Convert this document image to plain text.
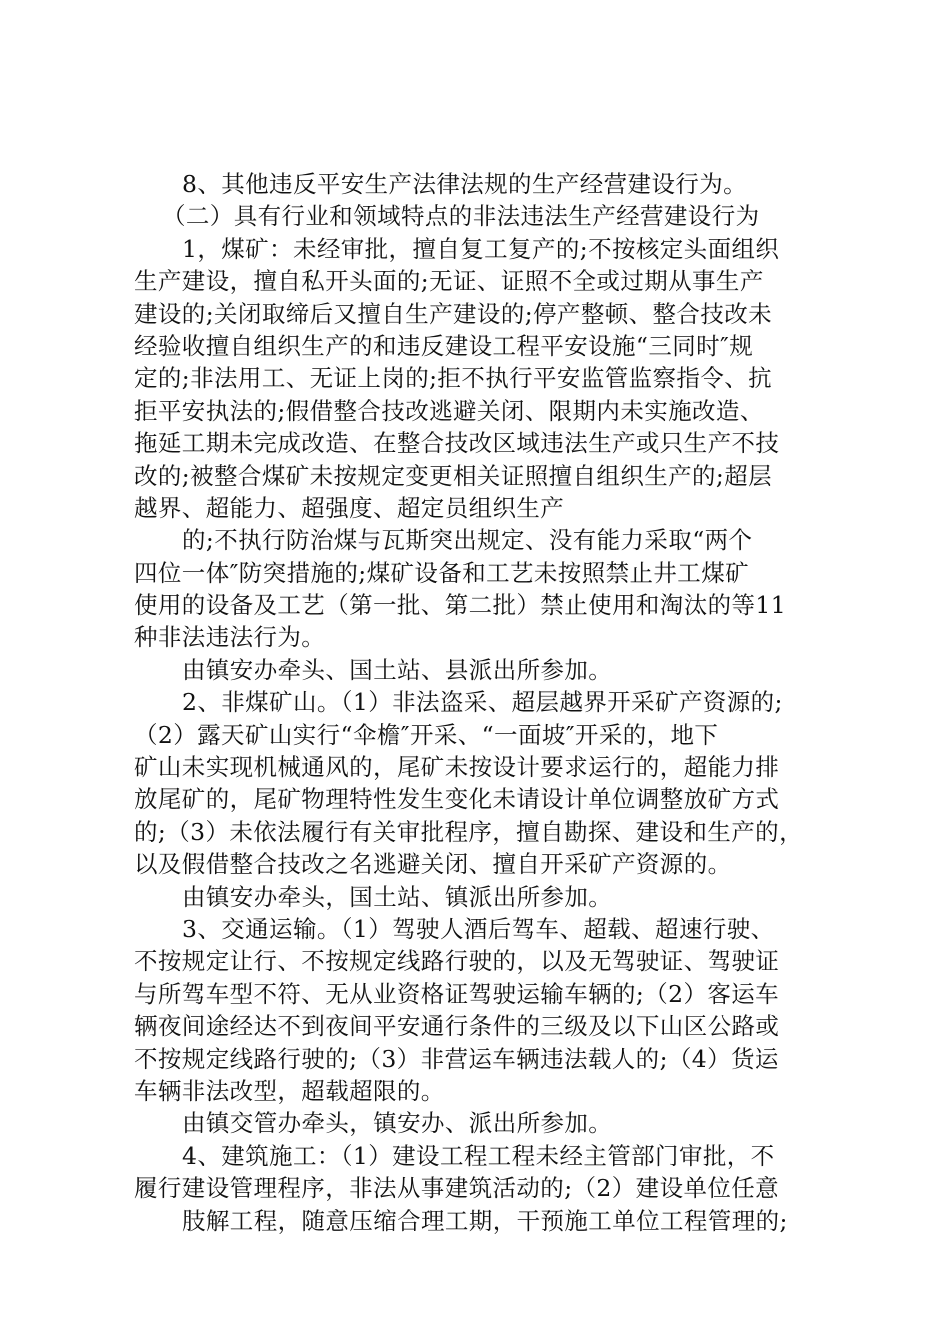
8、其他违反平安生产法律法规的生产经营建设行为。
（二）具有行业和领域特点的非法违法生产经营建设行为
1，煤矿：未经审批，擅自复工复产的;不按核定头面组织
生产建设，擅自私开头面的;无证、证照不全或过期从事生产
建设的;关闭取缔后又擅自生产建设的;停产整顿、整合技改未
经验收擅自组织生产的和违反建设工程平安设施“三同时″规
定的;非法用工、无证上岗的;拒不执行平安监管监察指令、抗
拒平安执法的;假借整合技改逃避关闭、限期内未实施改造、
拖延工期未完成改造、在整合技改区域违法生产或只生产不技
改的;被整合煤矿未按规定变更相关证照擅自组织生产的;超层
越界、超能力、超强度、超定员组织生产
的;不执行防治煤与瓦斯突出规定、没有能力采取“两个
四位一体″防突措施的;煤矿设备和工艺未按照禁止井工煤矿
使用的设备及工艺（第一批、第二批）禁止使用和淘汰的等11
种非法违法行为。
由镇安办牵头、国土站、县派出所参加。
2、非煤矿山。（1）非法盗采、超层越界开采矿产资源的;
（2）露天矿山实行“伞檐″开采、“一面坡″开采的，地下
矿山未实现机械通风的，尾矿未按设计要求运行的，超能力排
放尾矿的，尾矿物理特性发生变化未请设计单位调整放矿方式
的;（3）未依法履行有关审批程序，擅自勘探、建设和生产的，
以及假借整合技改之名逃避关闭、擅自开采矿产资源的。
由镇安办牵头，国土站、镇派出所参加。
3、交通运输。（1）驾驶人酒后驾车、超载、超速行驶、
不按规定让行、不按规定线路行驶的，以及无驾驶证、驾驶证
与所驾车型不符、无从业资格证驾驶运输车辆的;（2）客运车
辆夜间途经达不到夜间平安通行条件的三级及以下山区公路或
不按规定线路行驶的;（3）非营运车辆违法载人的;（4）货运
车辆非法改型，超载超限的。
由镇交管办牵头，镇安办、派出所参加。
4、建筑施工：（1）建设工程工程未经主管部门审批，不
履行建设管理程序，非法从事建筑活动的;（2）建设单位任意
肢解工程，随意压缩合理工期，干预施工单位工程管理的;
